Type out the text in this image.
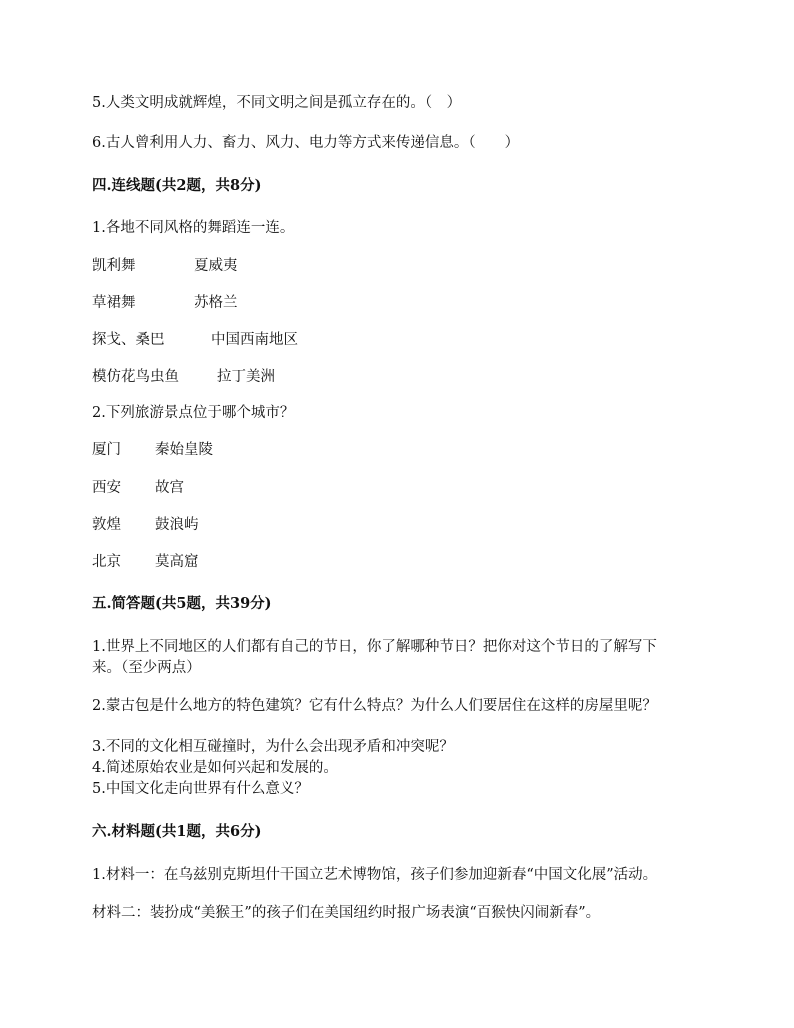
5.人类文明成就辉煌，不同文明之间是孤立存在的。（　）

6.古人曾利用人力、畜力、风力、电力等方式来传递信息。（　　）

四.连线题(共2题，共8分)

1.各地不同风格的舞蹈连一连。

凯利舞	夏威夷
草裙舞	苏格兰
探戈、桑巴	中国西南地区
模仿花鸟虫鱼	拉丁美洲

2.下列旅游景点位于哪个城市？

厦门 秦始皇陵
西安 故宫
敦煌 鼓浪屿
北京 莫高窟

五.简答题(共5题，共39分)

1.世界上不同地区的人们都有自己的节日，你了解哪种节日？把你对这个节日的了解写下

来。（至少两点）

2.蒙古包是什么地方的特色建筑？它有什么特点？为什么人们要居住在这样的房屋里呢？

3.不同的文化相互碰撞时，为什么会出现矛盾和冲突呢？

4.简述原始农业是如何兴起和发展的。

5.中国文化走向世界有什么意义？

六.材料题(共1题，共6分)

1.材料一：在乌兹别克斯坦什干国立艺术博物馆，孩子们参加迎新春“中国文化展”活动。

材料二：装扮成“美猴王”的孩子们在美国纽约时报广场表演“百猴快闪闹新春”。
